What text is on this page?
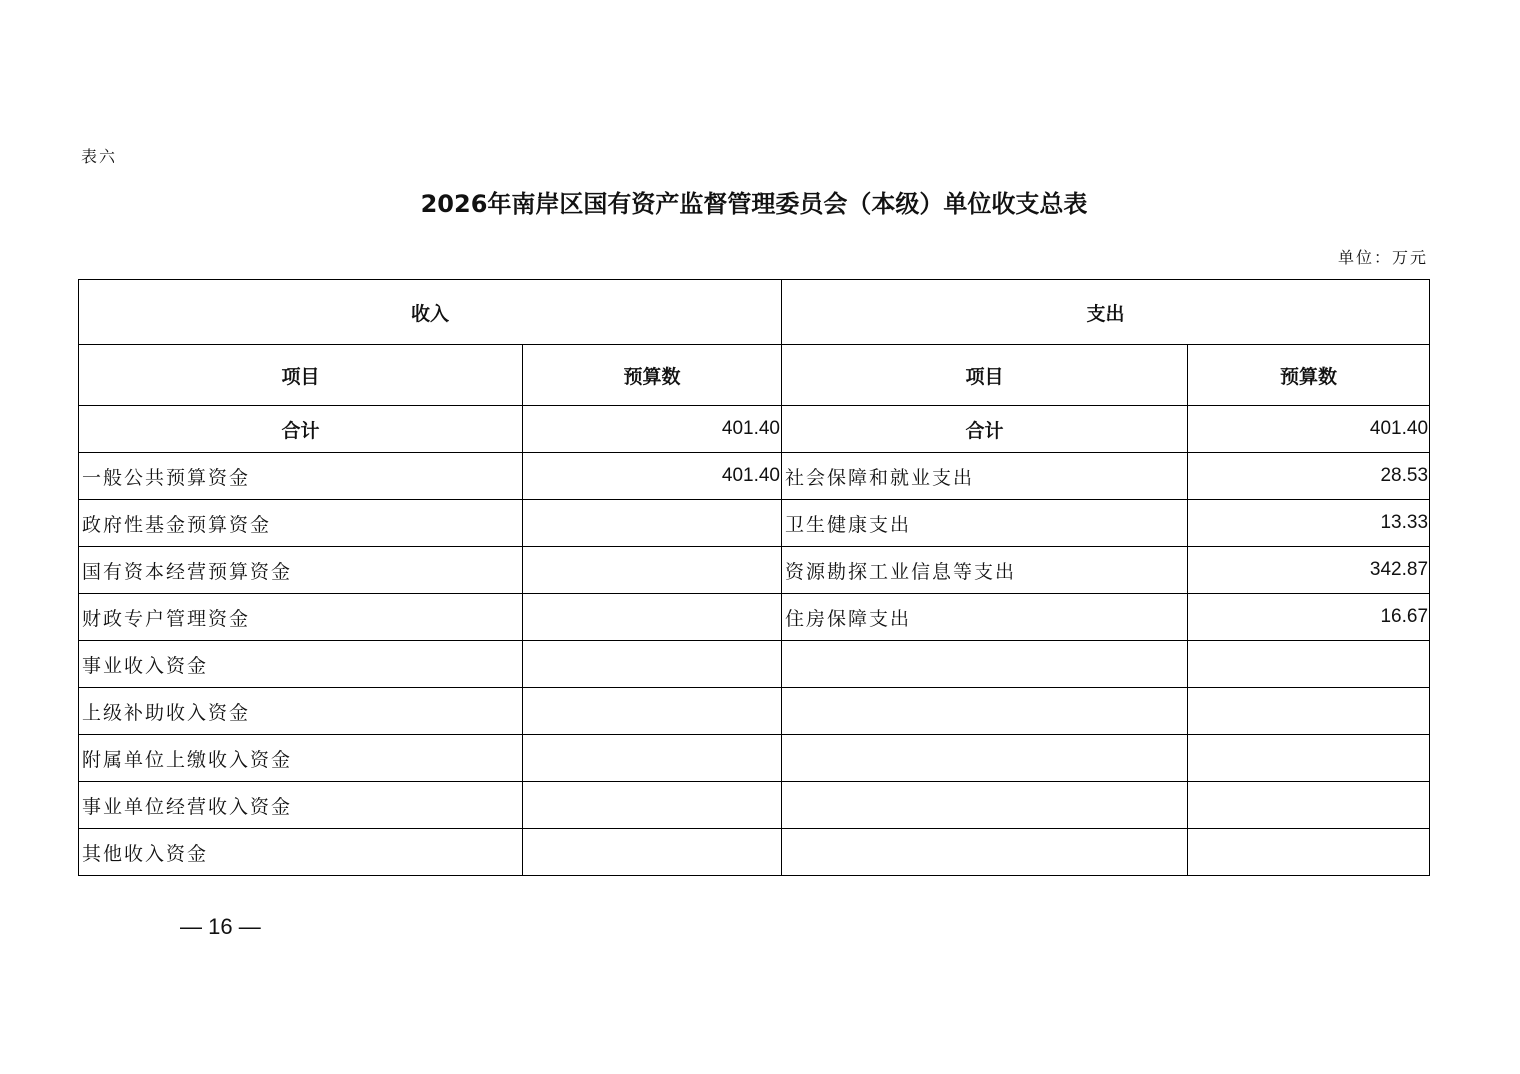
表六
2026年南岸区国有资产监督管理委员会（本级）单位收支总表
单位：万元
收入		支出	
项目	预算数	项目	预算数
合计	401.40	合计	401.40
一般公共预算资金	401.40	社会保障和就业支出	28.53
政府性基金预算资金		卫生健康支出	13.33
国有资本经营预算资金		资源勘探工业信息等支出	342.87
财政专户管理资金		住房保障支出	16.67
事业收入资金			
上级补助收入资金			
附属单位上缴收入资金			
事业单位经营收入资金			
其他收入资金			
— 16 —
